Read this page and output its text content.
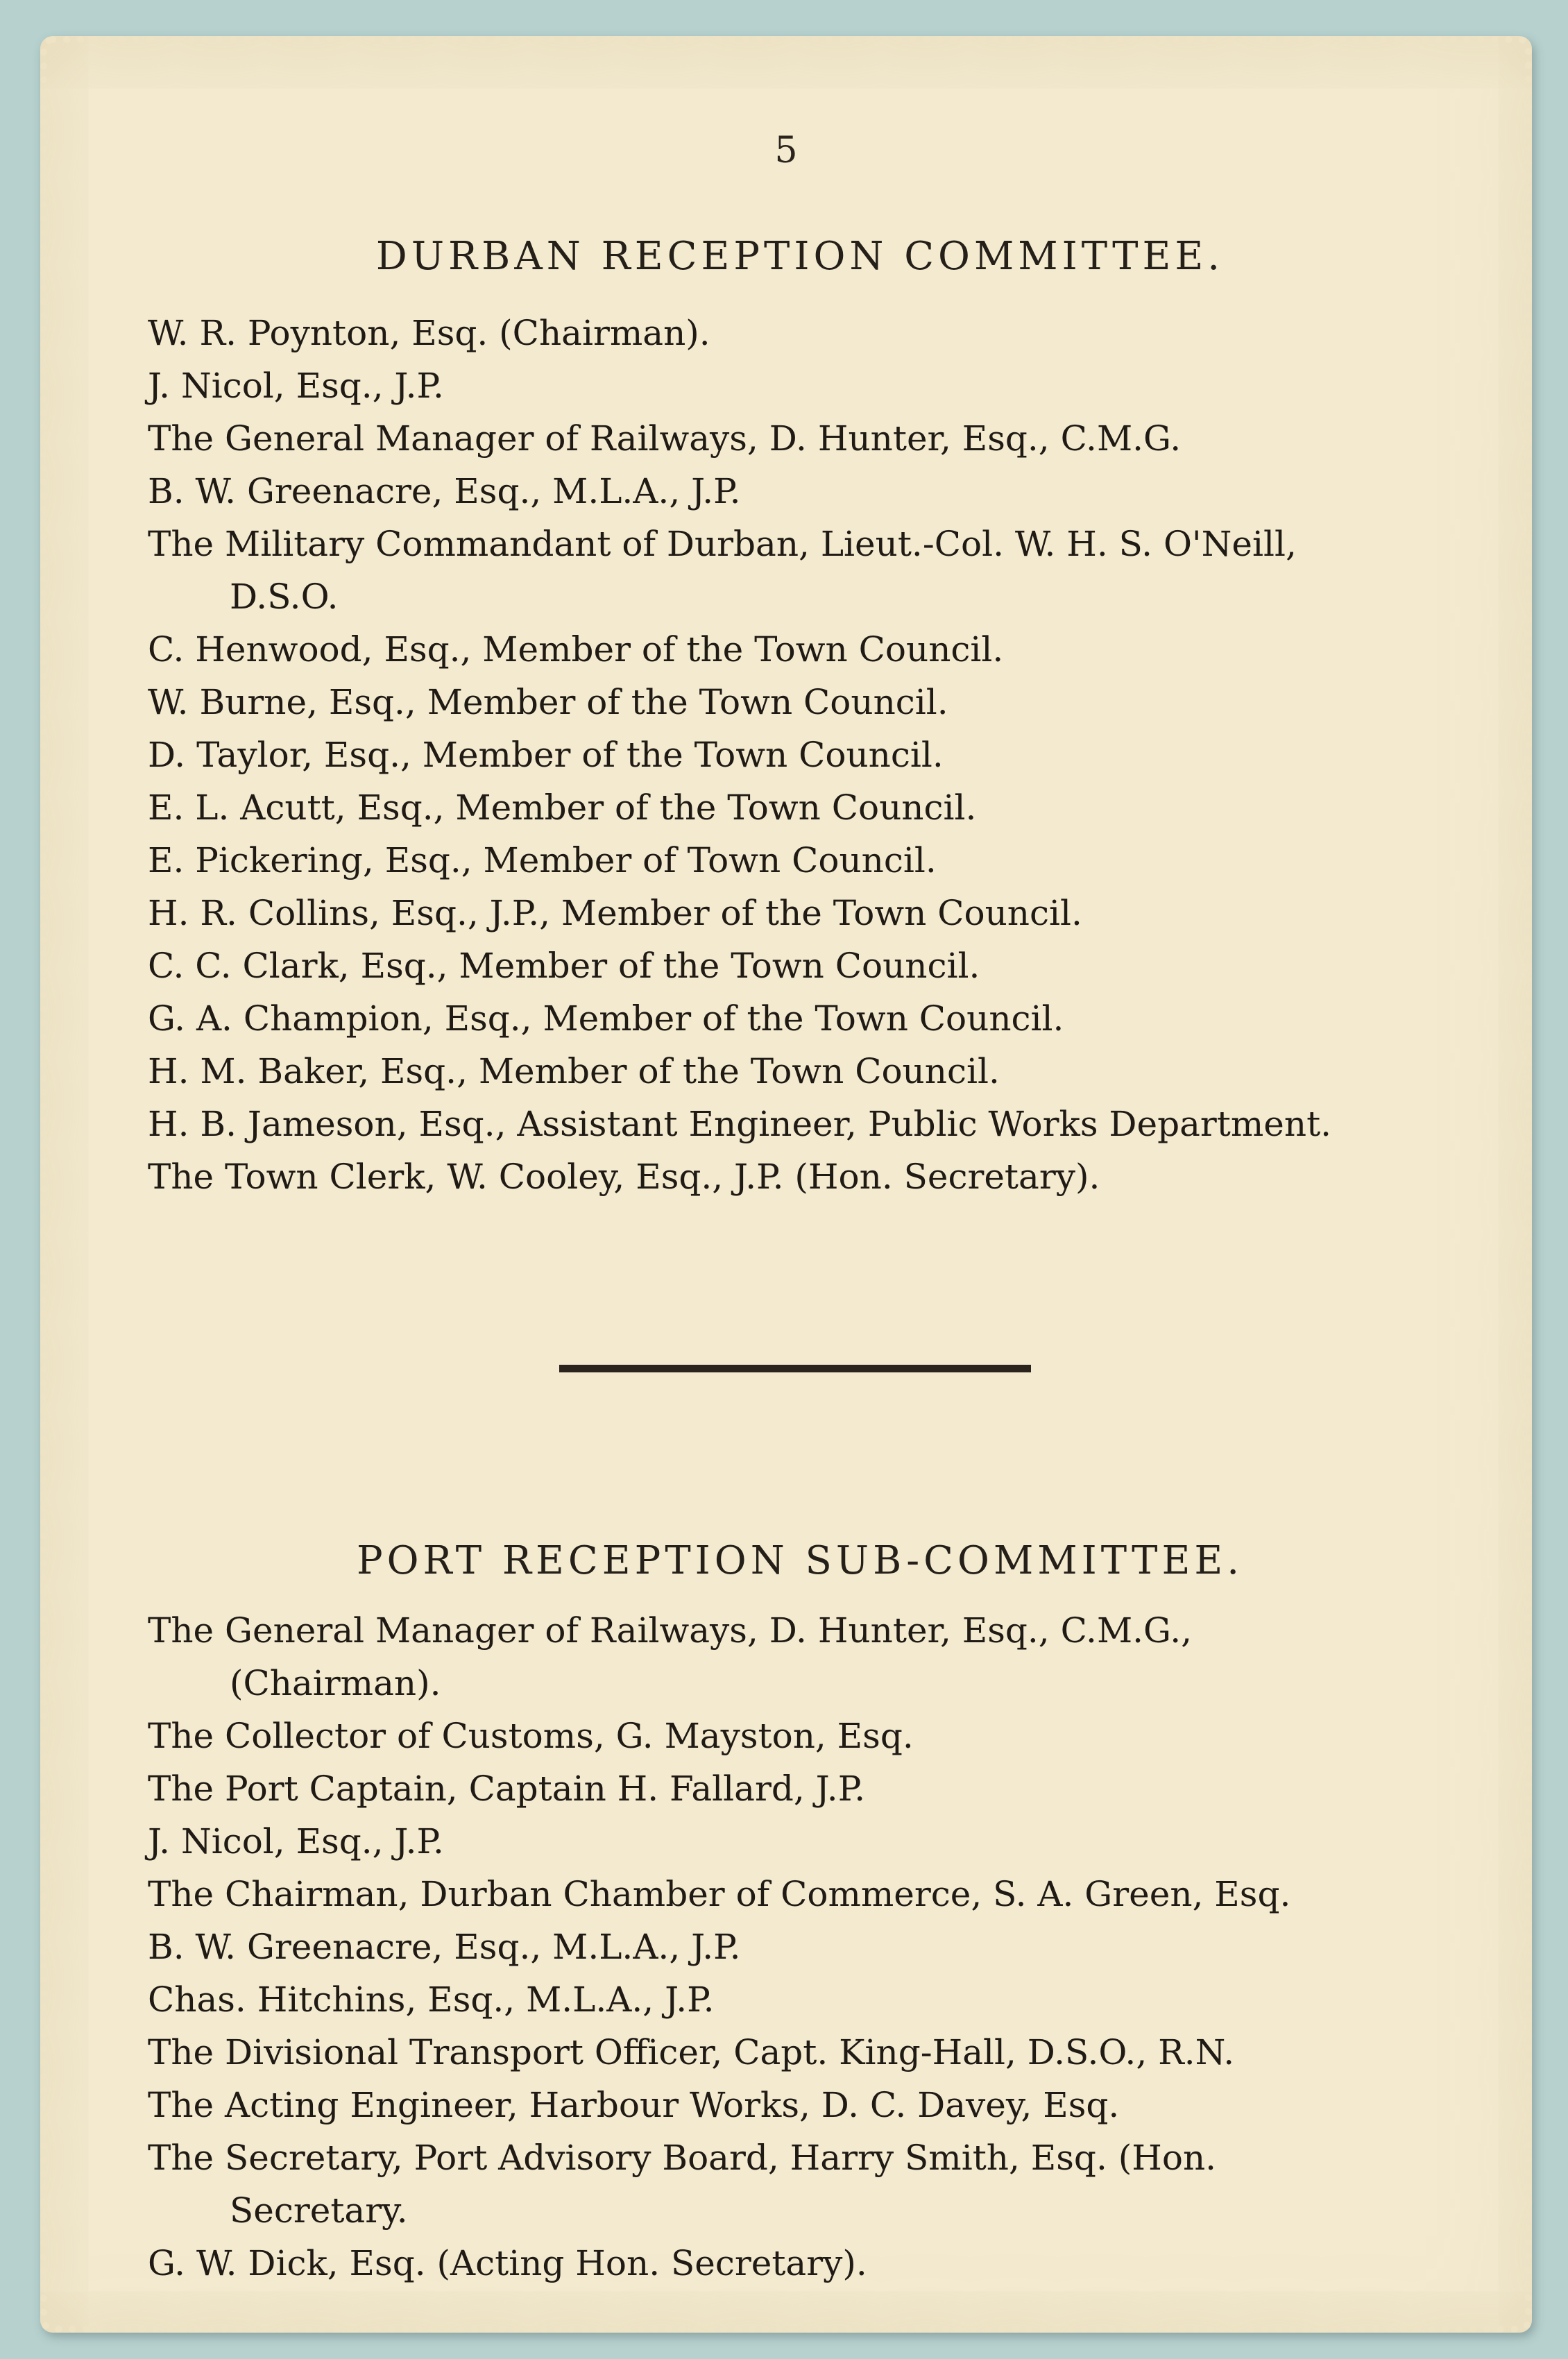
5
DURBAN RECEPTION COMMITTEE.
W. R. Poynton, Esq. (Chairman).
J. Nicol, Esq., J.P.
The General Manager of Railways, D. Hunter, Esq., C.M.G.
B. W. Greenacre, Esq., M.L.A., J.P.
The Military Commandant of Durban, Lieut.-Col. W. H. S. O'Neill,
D.S.O.
C. Henwood, Esq., Member of the Town Council.
W. Burne, Esq., Member of the Town Council.
D. Taylor, Esq., Member of the Town Council.
E. L. Acutt, Esq., Member of the Town Council.
E. Pickering, Esq., Member of Town Council.
H. R. Collins, Esq., J.P., Member of the Town Council.
C. C. Clark, Esq., Member of the Town Council.
G. A. Champion, Esq., Member of the Town Council.
H. M. Baker, Esq., Member of the Town Council.
H. B. Jameson, Esq., Assistant Engineer, Public Works Department.
The Town Clerk, W. Cooley, Esq., J.P. (Hon. Secretary).
PORT RECEPTION SUB-COMMITTEE.
The General Manager of Railways, D. Hunter, Esq., C.M.G.,
(Chairman).
The Collector of Customs, G. Mayston, Esq.
The Port Captain, Captain H. Fallard, J.P.
J. Nicol, Esq., J.P.
The Chairman, Durban Chamber of Commerce, S. A. Green, Esq.
B. W. Greenacre, Esq., M.L.A., J.P.
Chas. Hitchins, Esq., M.L.A., J.P.
The Divisional Transport Officer, Capt. King-Hall, D.S.O., R.N.
The Acting Engineer, Harbour Works, D. C. Davey, Esq.
The Secretary, Port Advisory Board, Harry Smith, Esq. (Hon.
Secretary.
G. W. Dick, Esq. (Acting Hon. Secretary).
